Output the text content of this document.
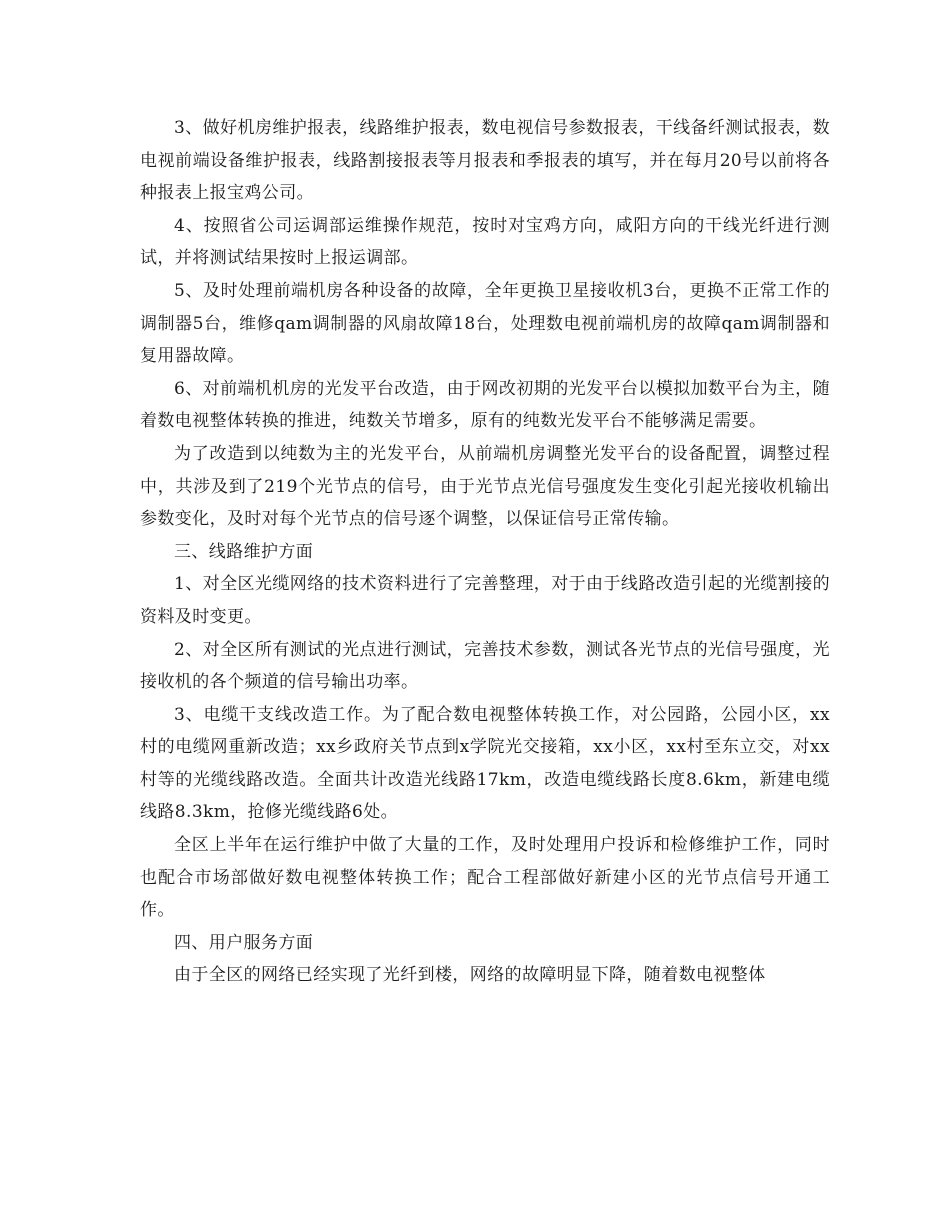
3、做好机房维护报表，线路维护报表，数电视信号参数报表，干线备纤测试报表，数电视前端设备维护报表，线路割接报表等月报表和季报表的填写，并在每月20号以前将各种报表上报宝鸡公司。

4、按照省公司运调部运维操作规范，按时对宝鸡方向，咸阳方向的干线光纤进行测试，并将测试结果按时上报运调部。

5、及时处理前端机房各种设备的故障，全年更换卫星接收机3台，更换不正常工作的调制器5台，维修qam调制器的风扇故障18台，处理数电视前端机房的故障qam调制器和复用器故障。

6、对前端机机房的光发平台改造，由于网改初期的光发平台以模拟加数平台为主，随着数电视整体转换的推进，纯数关节增多，原有的纯数光发平台不能够满足需要。

为了改造到以纯数为主的光发平台，从前端机房调整光发平台的设备配置，调整过程中，共涉及到了219个光节点的信号，由于光节点光信号强度发生变化引起光接收机输出参数变化，及时对每个光节点的信号逐个调整，以保证信号正常传输。

三、线路维护方面

1、对全区光缆网络的技术资料进行了完善整理，对于由于线路改造引起的光缆割接的资料及时变更。

2、对全区所有测试的光点进行测试，完善技术参数，测试各光节点的光信号强度，光接收机的各个频道的信号输出功率。

3、电缆干支线改造工作。为了配合数电视整体转换工作，对公园路，公园小区，xx村的电缆网重新改造；xx乡政府关节点到x学院光交接箱，xx小区，xx村至东立交，对xx村等的光缆线路改造。全面共计改造光线路17km，改造电缆线路长度8.6km，新建电缆线路8.3km，抢修光缆线路6处。

全区上半年在运行维护中做了大量的工作，及时处理用户投诉和检修维护工作，同时也配合市场部做好数电视整体转换工作；配合工程部做好新建小区的光节点信号开通工作。

四、用户服务方面

由于全区的网络已经实现了光纤到楼，网络的故障明显下降，随着数电视整体
